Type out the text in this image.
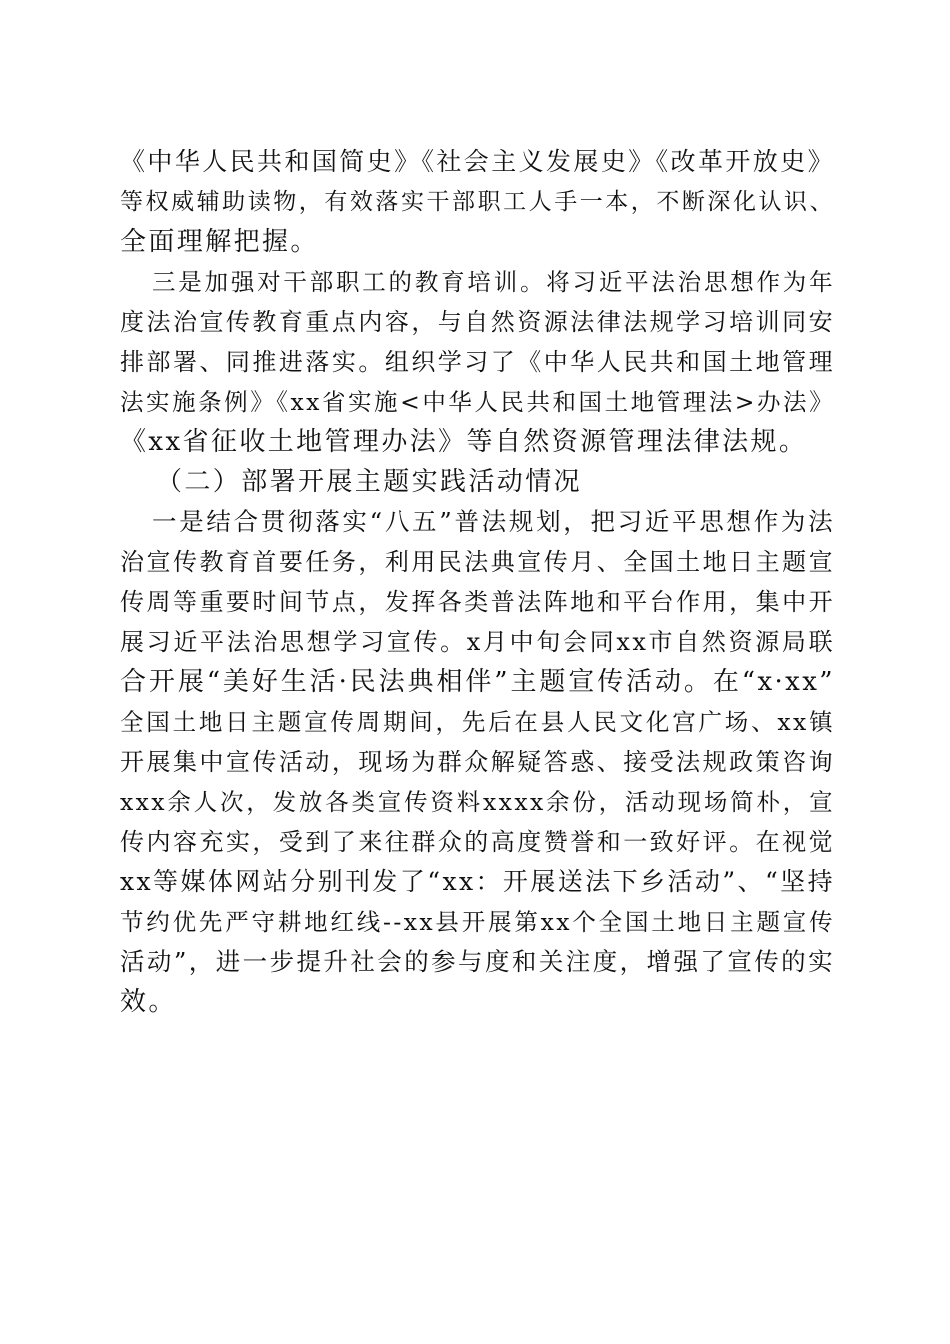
《中华人民共和国简史》《社会主义发展史》《改革开放史》
等权威辅助读物，有效落实干部职工人手一本，不断深化认识、
全面理解把握。
三是加强对干部职工的教育培训。将习近平法治思想作为年
度法治宣传教育重点内容，与自然资源法律法规学习培训同安
排部署、同推进落实。组织学习了《中华人民共和国土地管理
法实施条例》《xx省实施<中华人民共和国土地管理法>办法》
《xx省征收土地管理办法》等自然资源管理法律法规。
（二）部署开展主题实践活动情况
一是结合贯彻落实“八五”普法规划，把习近平思想作为法
治宣传教育首要任务，利用民法典宣传月、全国土地日主题宣
传周等重要时间节点，发挥各类普法阵地和平台作用，集中开
展习近平法治思想学习宣传。x月中旬会同xx市自然资源局联
合开展“美好生活·民法典相伴”主题宣传活动。在“x·xx”
全国土地日主题宣传周期间，先后在县人民文化宫广场、xx镇
开展集中宣传活动，现场为群众解疑答惑、接受法规政策咨询
xxx余人次，发放各类宣传资料xxxx余份，活动现场简朴，宣
传内容充实，受到了来往群众的高度赞誉和一致好评。在视觉
xx等媒体网站分别刊发了“xx：开展送法下乡活动”、“坚持
节约优先严守耕地红线--xx县开展第xx个全国土地日主题宣传
活动”，进一步提升社会的参与度和关注度，增强了宣传的实
效。
